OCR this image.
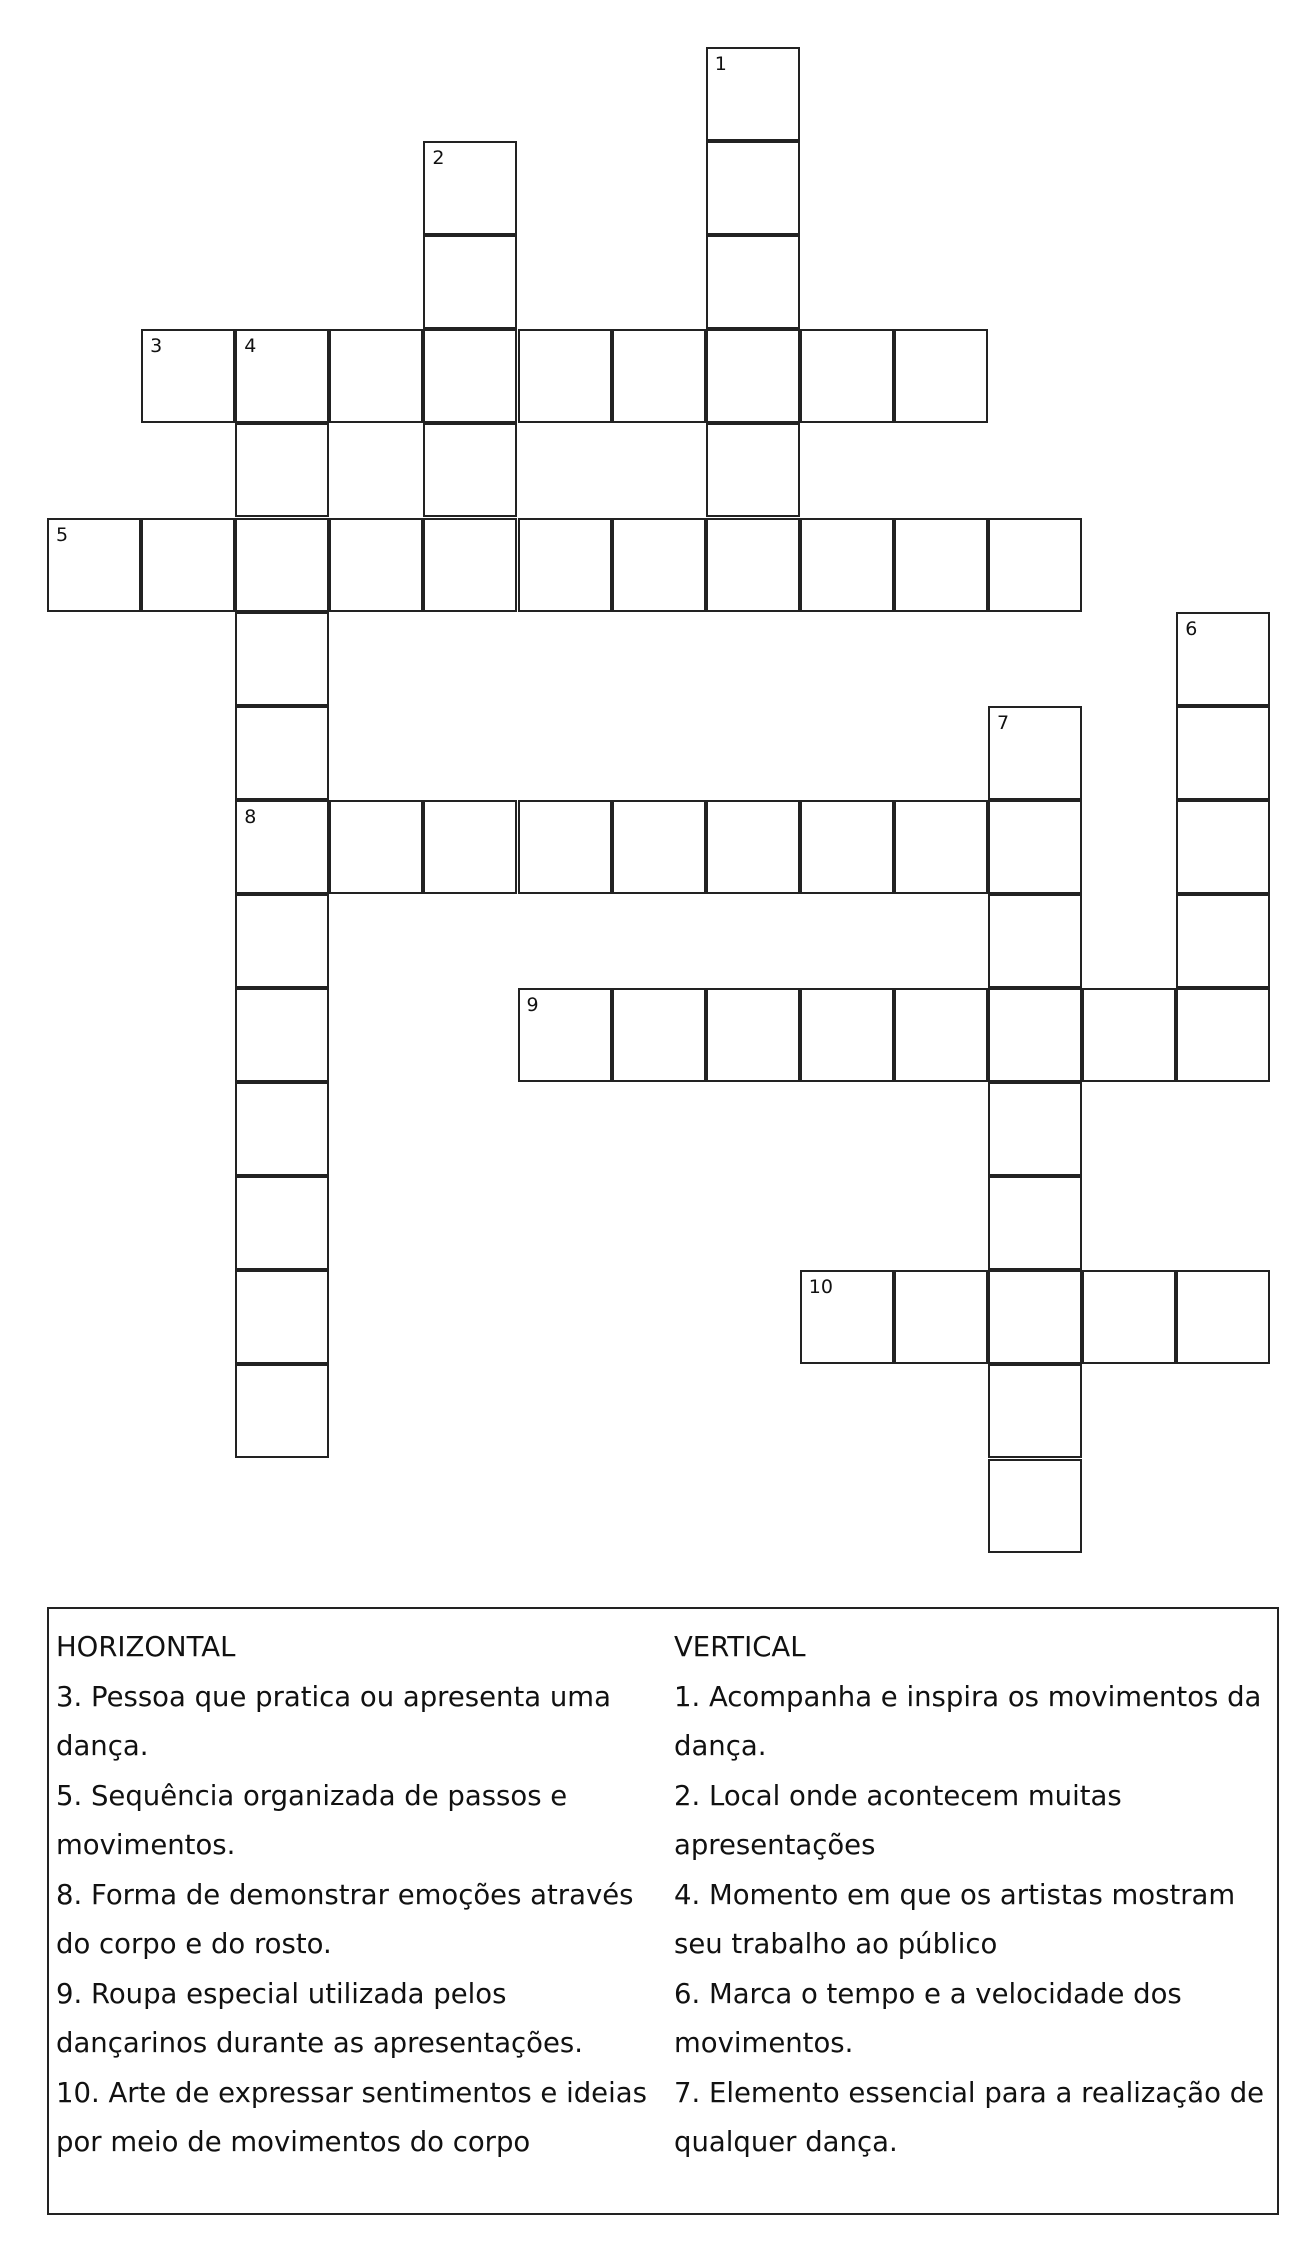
1
2
3	4
8
5
6
7
9
10
HORIZONTAL
3. Pessoa que pratica ou apresenta uma dança.
5. Sequência organizada de passos e movimentos.
8. Forma de demonstrar emoções através do corpo e do rosto.
9. Roupa especial utilizada pelos dançarinos durante as apresentações.
10. Arte de expressar sentimentos e ideias por meio de movimentos do corpo
VERTICAL
1. Acompanha e inspira os movimentos da dança.
2. Local onde acontecem muitas apresentações
4. Momento em que os artistas mostram seu trabalho ao público
6. Marca o tempo e a velocidade dos movimentos.
7. Elemento essencial para a realização de qualquer dança.
